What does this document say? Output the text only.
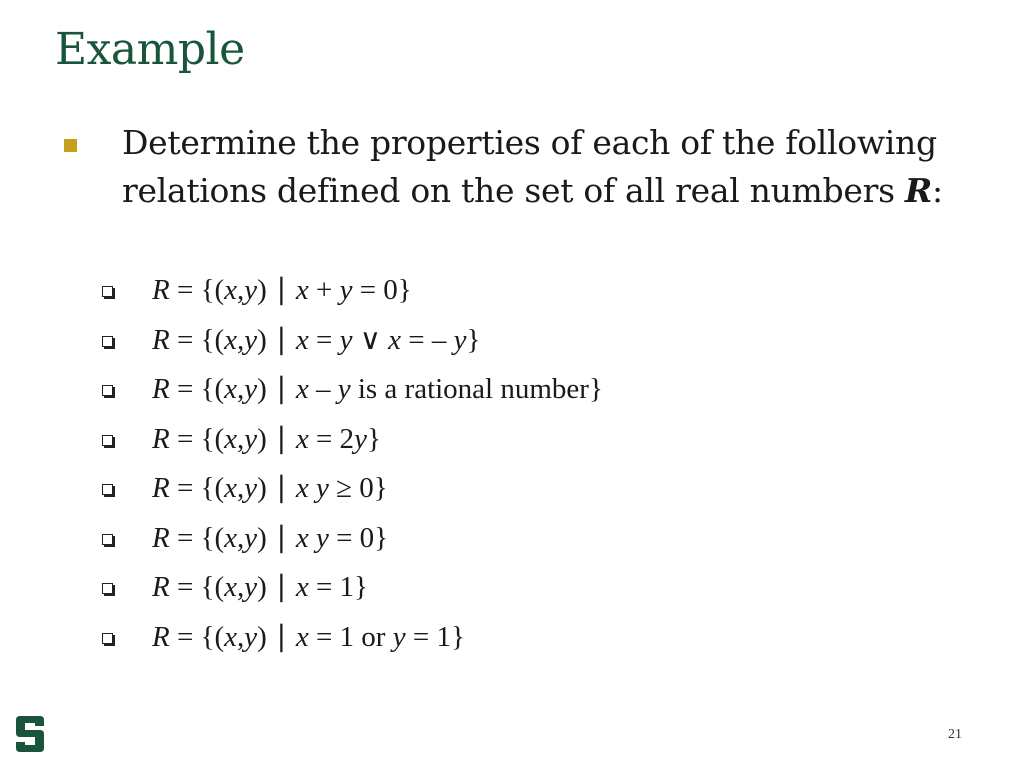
Example
Determine the properties of each of the following relations defined on the set of all real numbers R:
R = {(x,y) ∣ x + y = 0}
R = {(x,y) ∣ x = y ∨ x = – y}
R = {(x,y) ∣ x – y is a rational number}
R = {(x,y) ∣ x = 2y}
R = {(x,y) ∣ x y ≥ 0}
R = {(x,y) ∣ x y = 0}
R = {(x,y) ∣ x = 1}
R = {(x,y) ∣ x = 1 or y = 1}
21
